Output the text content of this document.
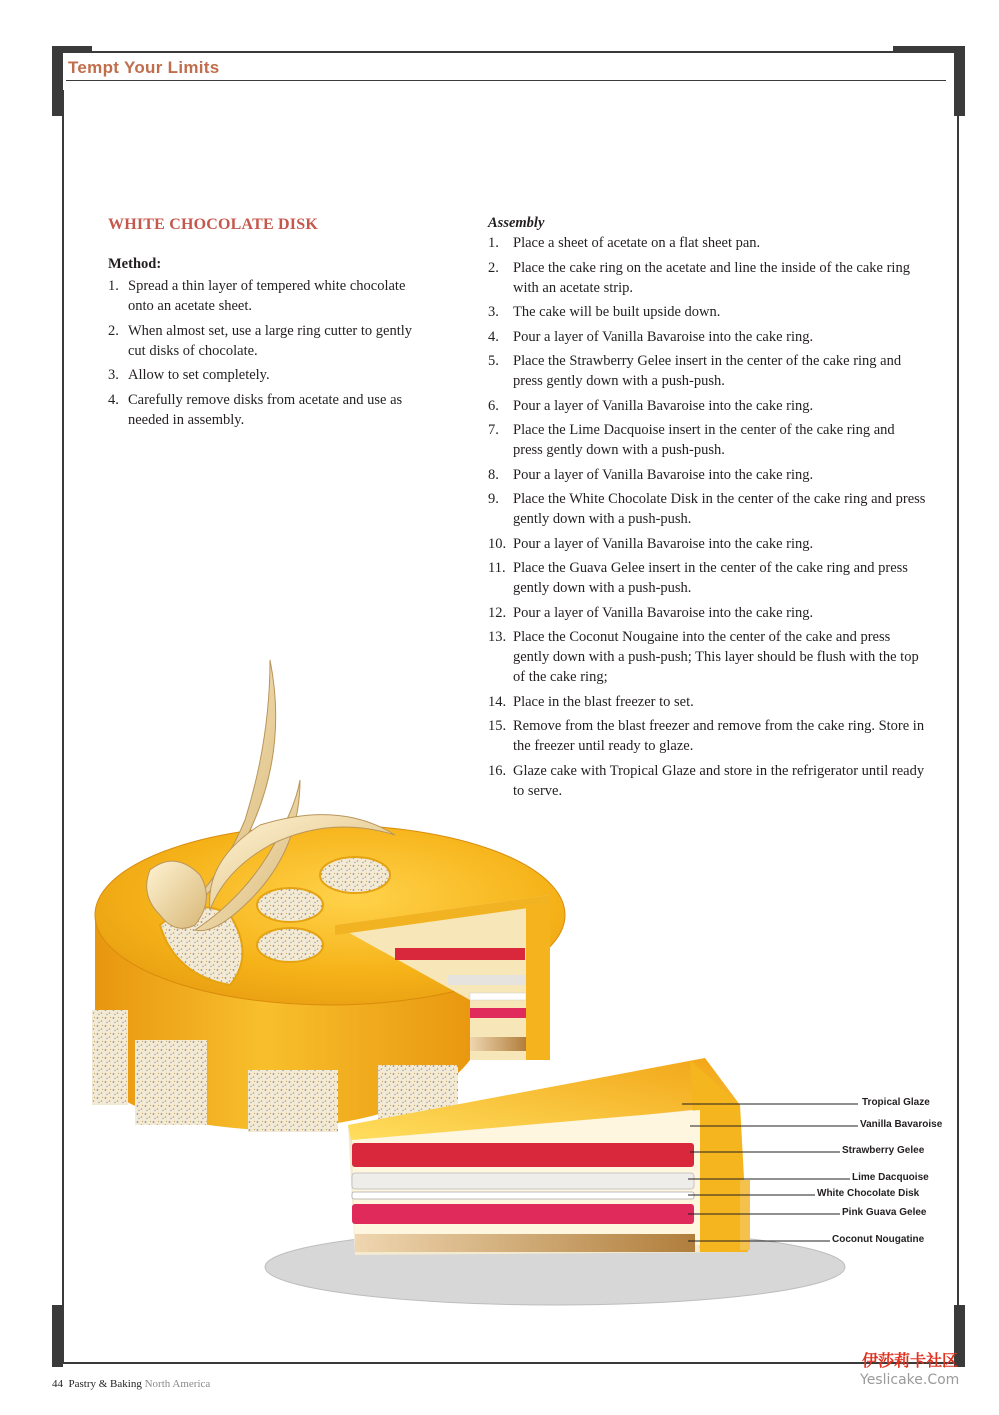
Tempt Your Limits
WHITE CHOCOLATE DISK
Method:
1. Spread a thin layer of tempered white chocolate onto an acetate sheet.
2. When almost set, use a large ring cutter to gently cut disks of chocolate.
3. Allow to set completely.
4. Carefully remove disks from acetate and use as needed in assembly.
Assembly
1. Place a sheet of acetate on a flat sheet pan.
2. Place the cake ring on the acetate and line the inside of the cake ring with an acetate strip.
3. The cake will be built upside down.
4. Pour a layer of Vanilla Bavaroise into the cake ring.
5. Place the Strawberry Gelee insert in the center of the cake ring and press gently down with a push-push.
6. Pour a layer of Vanilla Bavaroise into the cake ring.
7. Place the Lime Dacquoise insert in the center of the cake ring and press gently down with a push-push.
8. Pour a layer of Vanilla Bavaroise into the cake ring.
9. Place the White Chocolate Disk in the center of the cake ring and press gently down with a push-push.
10. Pour a layer of Vanilla Bavaroise into the cake ring.
11. Place the Guava Gelee insert in the center of the cake ring and press gently down with a push-push.
12. Pour a layer of Vanilla Bavaroise into the cake ring.
13. Place the Coconut Nougaine into the center of the cake and press gently down with a push-push; This layer should be flush with the top of the cake ring;
14. Place in the blast freezer to set.
15. Remove from the blast freezer and remove from the cake ring. Store in the freezer until ready to glaze.
16. Glaze cake with Tropical Glaze and store in the refrigerator until ready to serve.
Tropical Glaze
Vanilla Bavaroise
Strawberry Gelee
Lime Dacquoise
White Chocolate Disk
Pink Guava Gelee
Coconut Nougatine
44 Pastry & Baking North America
伊莎莉卡社区
Yeslicake.Com
